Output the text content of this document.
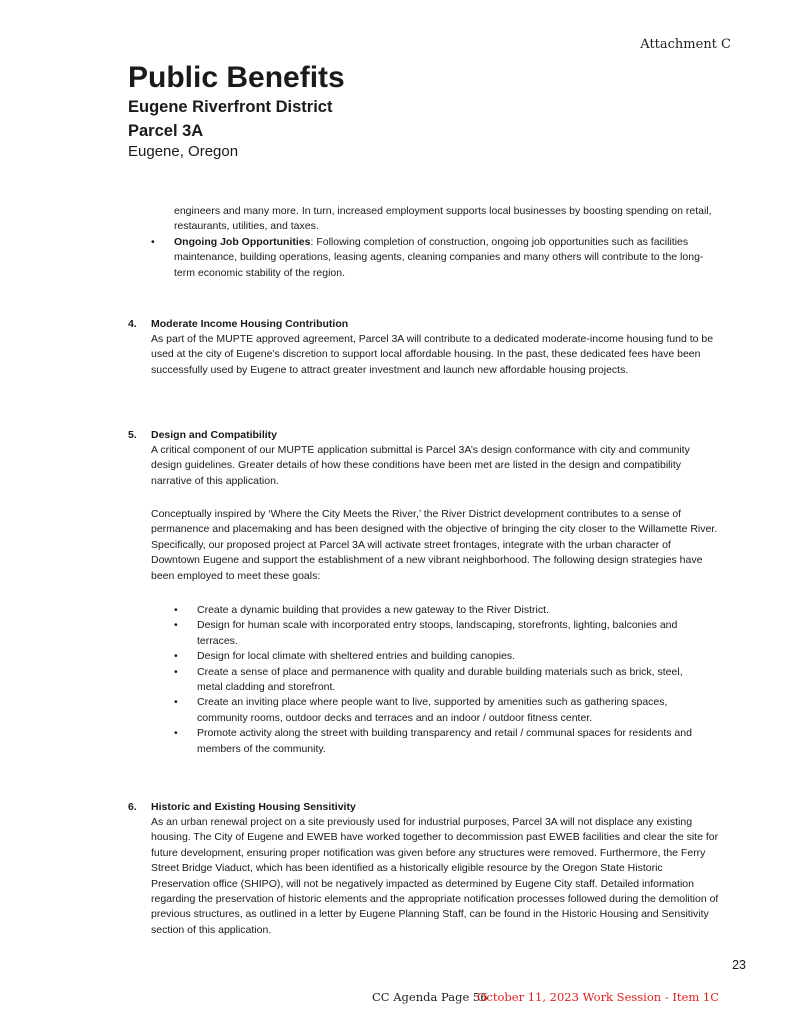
Attachment C
Public Benefits
Eugene Riverfront District
Parcel 3A
Eugene, Oregon

engineers and many more. In turn, increased employment supports local businesses by boosting spending on retail, restaurants, utilities, and taxes.

• Ongoing Job Opportunities: Following completion of construction, ongoing job opportunities such as facilities maintenance, building operations, leasing agents, cleaning companies and many others will contribute to the long-term economic stability of the region.
4. Moderate Income Housing Contribution

As part of the MUPTE approved agreement, Parcel 3A will contribute to a dedicated moderate-income housing fund to be used at the city of Eugene’s discretion to support local affordable housing. In the past, these dedicated fees have been successfully used by Eugene to attract greater investment and launch new affordable housing projects.

5. Design and Compatibility

A critical component of our MUPTE application submittal is Parcel 3A’s design conformance with city and community design guidelines. Greater details of how these conditions have been met are listed in the design and compatibility narrative of this application.

Conceptually inspired by ‘Where the City Meets the River,’ the River District development contributes to a sense of permanence and placemaking and has been designed with the objective of bringing the city closer to the Willamette River. Specifically, our proposed project at Parcel 3A will activate street frontages, integrate with the urban character of Downtown Eugene and support the establishment of a new vibrant neighborhood. The following design strategies have been employed to meet these goals:

• Create a dynamic building that provides a new gateway to the River District.
• Design for human scale with incorporated entry stoops, landscaping, storefronts, lighting, balconies and terraces.
• Design for local climate with sheltered entries and building canopies.
• Create a sense of place and permanence with quality and durable building materials such as brick, steel, metal cladding and storefront.
• Create an inviting place where people want to live, supported by amenities such as gathering spaces, community rooms, outdoor decks and terraces and an indoor / outdoor fitness center.
• Promote activity along the street with building transparency and retail / communal spaces for residents and members of the community.
6. Historic and Existing Housing Sensitivity

As an urban renewal project on a site previously used for industrial purposes, Parcel 3A will not displace any existing housing. The City of Eugene and EWEB have worked together to decommission past EWEB facilities and clear the site for future development, ensuring proper notification was given before any structures were removed. Furthermore, the Ferry Street Bridge Viaduct, which has been identified as a historically eligible resource by the Oregon State Historic Preservation office (SHIPO), will not be negatively impacted as determined by Eugene City staff. Detailed information regarding the preservation of historic elements and the appropriate notification processes followed during the demolition of previous structures, as outlined in a letter by Eugene Planning Staff, can be found in the Historic Housing and Sensitivity section of this application.

23
CC Agenda Page 56
October 11, 2023 Work Session - Item 1C
